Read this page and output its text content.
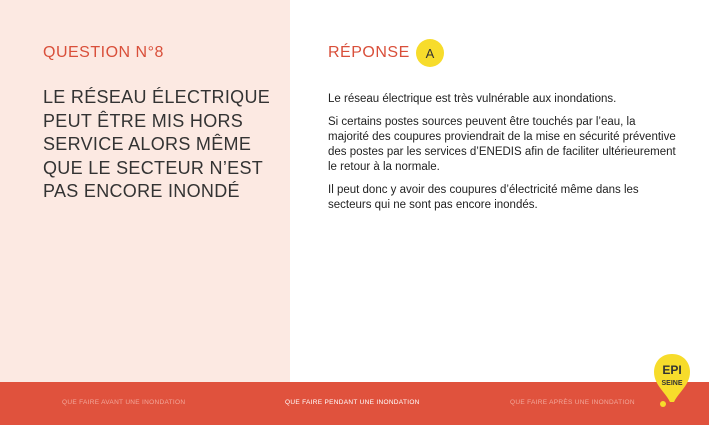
QUESTION N°8
LE RÉSEAU ÉLECTRIQUE PEUT ÊTRE MIS HORS SERVICE ALORS MÊME QUE LE SECTEUR N’EST PAS ENCORE INONDÉ
RÉPONSE	A

Le réseau électrique est très vulnérable aux inondations.

Si certains postes sources peuvent être touchés par l’eau, la majorité des coupures proviendrait de la mise en sécurité préventive des postes par les services d’ENEDIS afin de faciliter ultérieurement le retour à la normale.

Il peut donc y avoir des coupures d’électricité même dans les secteurs qui ne sont pas encore inondés.

QUE FAIRE AVANT UNE INONDATION	QUE FAIRE PENDANT UNE INONDATION	QUE FAIRE APRÈS UNE INONDATION
EPI
SEINE
